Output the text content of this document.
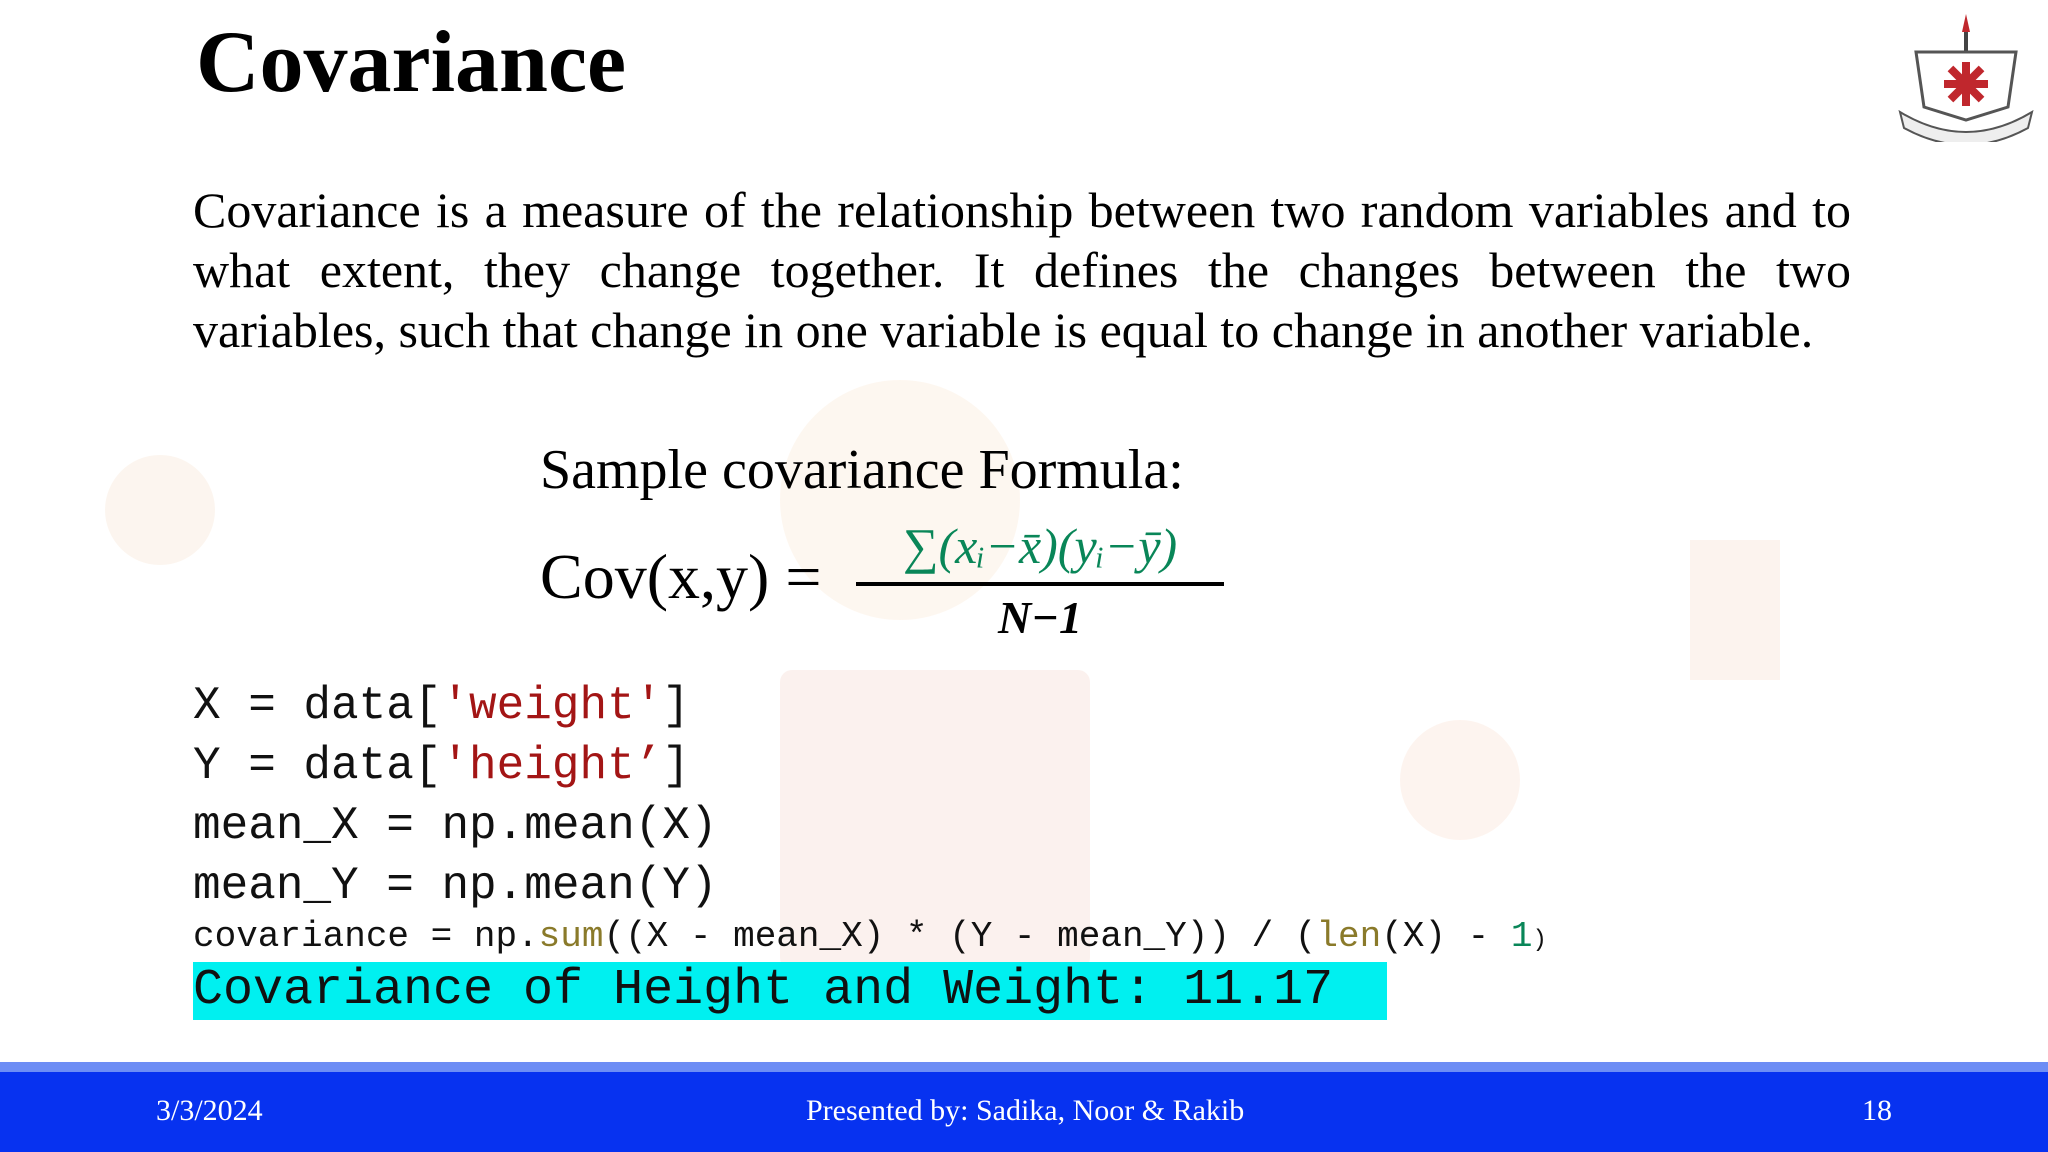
Covariance
Covariance is a measure of the relationship between two random variables and to what extent, they change together. It defines the changes between the two variables, such that change in one variable is equal to change in another variable.
Sample covariance Formula:
Cov(x,y) =	∑(xᵢ−x̄)(yᵢ−ȳ)
N−1
X = data['weight']
Y = data['height’]
mean_X = np.mean(X)
mean_Y = np.mean(Y)
covariance = np.sum((X - mean_X) * (Y - mean_Y)) / (len(X) - 1)
Covariance of Height and Weight: 11.17
3/3/2024	Presented by: Sadika, Noor & Rakib	18
